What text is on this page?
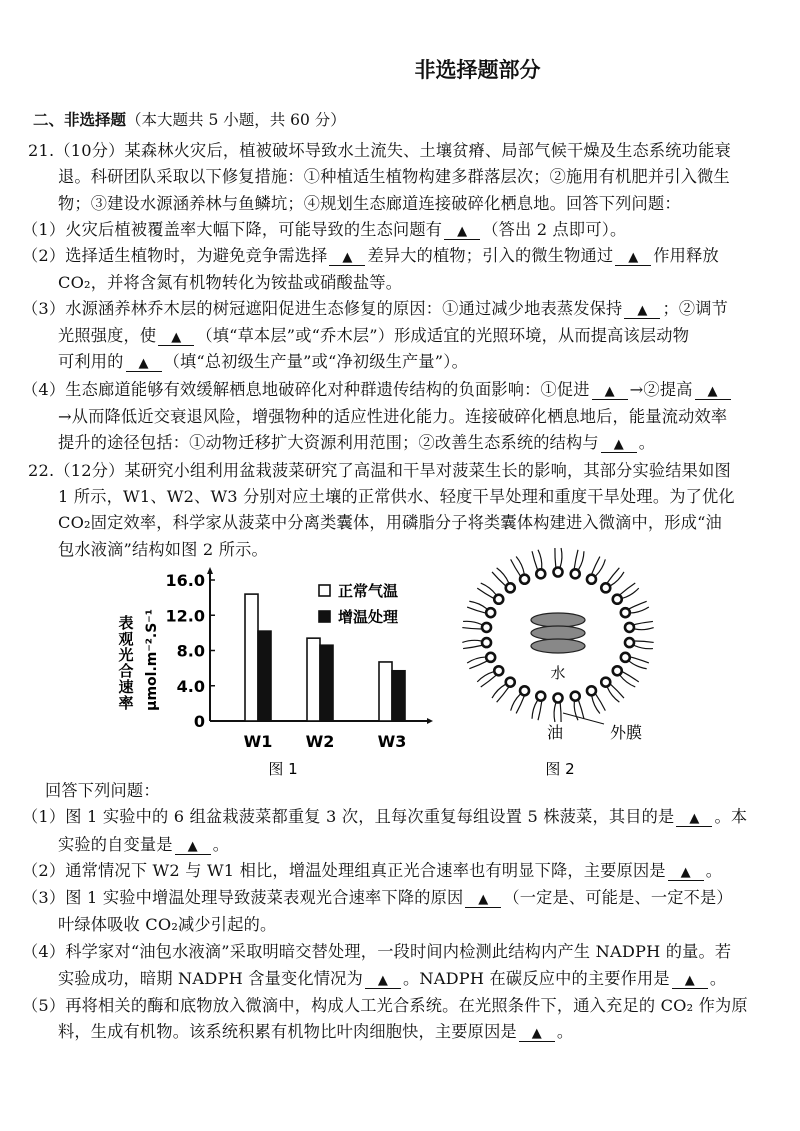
非选择题部分
二、非选择题（本大题共 5 小题，共 60 分）
21.（10分）某森林火灾后，植被破坏导致水土流失、土壤贫瘠、局部气候干燥及生态系统功能衰
退。科研团队采取以下修复措施：①种植适生植物构建多群落层次；②施用有机肥并引入微生
物；③建设水源涵养林与鱼鳞坑；④规划生态廊道连接破碎化栖息地。回答下列问题：
（1）火灾后植被覆盖率大幅下降，可能导致的生态问题有 ▲ （答出 2 点即可）。
（2）选择适生植物时，为避免竞争需选择 ▲ 差异大的植物；引入的微生物通过 ▲ 作用释放
CO₂，并将含氮有机物转化为铵盐或硝酸盐等。
（3）水源涵养林乔木层的树冠遮阳促进生态修复的原因：①通过减少地表蒸发保持 ▲ ；②调节
光照强度，使 ▲ （填“草本层”或“乔木层”）形成适宜的光照环境，从而提高该层动物
可利用的 ▲ （填“总初级生产量”或“净初级生产量”）。
（4）生态廊道能够有效缓解栖息地破碎化对种群遗传结构的负面影响：①促进 ▲ →②提高 ▲
→从而降低近交衰退风险，增强物种的适应性进化能力。连接破碎化栖息地后，能量流动效率
提升的途径包括：①动物迁移扩大资源利用范围；②改善生态系统的结构与 ▲ 。
22.（12分）某研究小组利用盆栽菠菜研究了高温和干旱对菠菜生长的影响，其部分实验结果如图
1 所示，W1、W2、W3 分别对应土壤的正常供水、轻度干旱处理和重度干旱处理。为了优化
CO₂固定效率，科学家从菠菜中分离类囊体，用磷脂分子将类囊体构建进入微滴中，形成“油
包水液滴”结构如图 2 所示。
回答下列问题：
（1）图 1 实验中的 6 组盆栽菠菜都重复 3 次，且每次重复每组设置 5 株菠菜，其目的是 ▲ 。本
实验的自变量是 ▲ 。
（2）通常情况下 W2 与 W1 相比，增温处理组真正光合速率也有明显下降，主要原因是 ▲ 。
（3）图 1 实验中增温处理导致菠菜表观光合速率下降的原因 ▲ （一定是、可能是、一定不是）
叶绿体吸收 CO₂减少引起的。
（4）科学家对“油包水液滴”采取明暗交替处理，一段时间内检测此结构内产生 NADPH 的量。若
实验成功，暗期 NADPH 含量变化情况为 ▲ 。NADPH 在碳反应中的主要作用是 ▲ 。
（5）再将相关的酶和底物放入微滴中，构成人工光合系统。在光照条件下，通入充足的 CO₂ 作为原
料，生成有机物。该系统积累有机物比叶肉细胞快，主要原因是 ▲ 。
0
4.0
8.0
12.0
16.0
W1 W2	W3
正常气温
增温处理
表观光合速率 μmol.m⁻².S⁻¹
图 1
水
油	外膜
图 2
